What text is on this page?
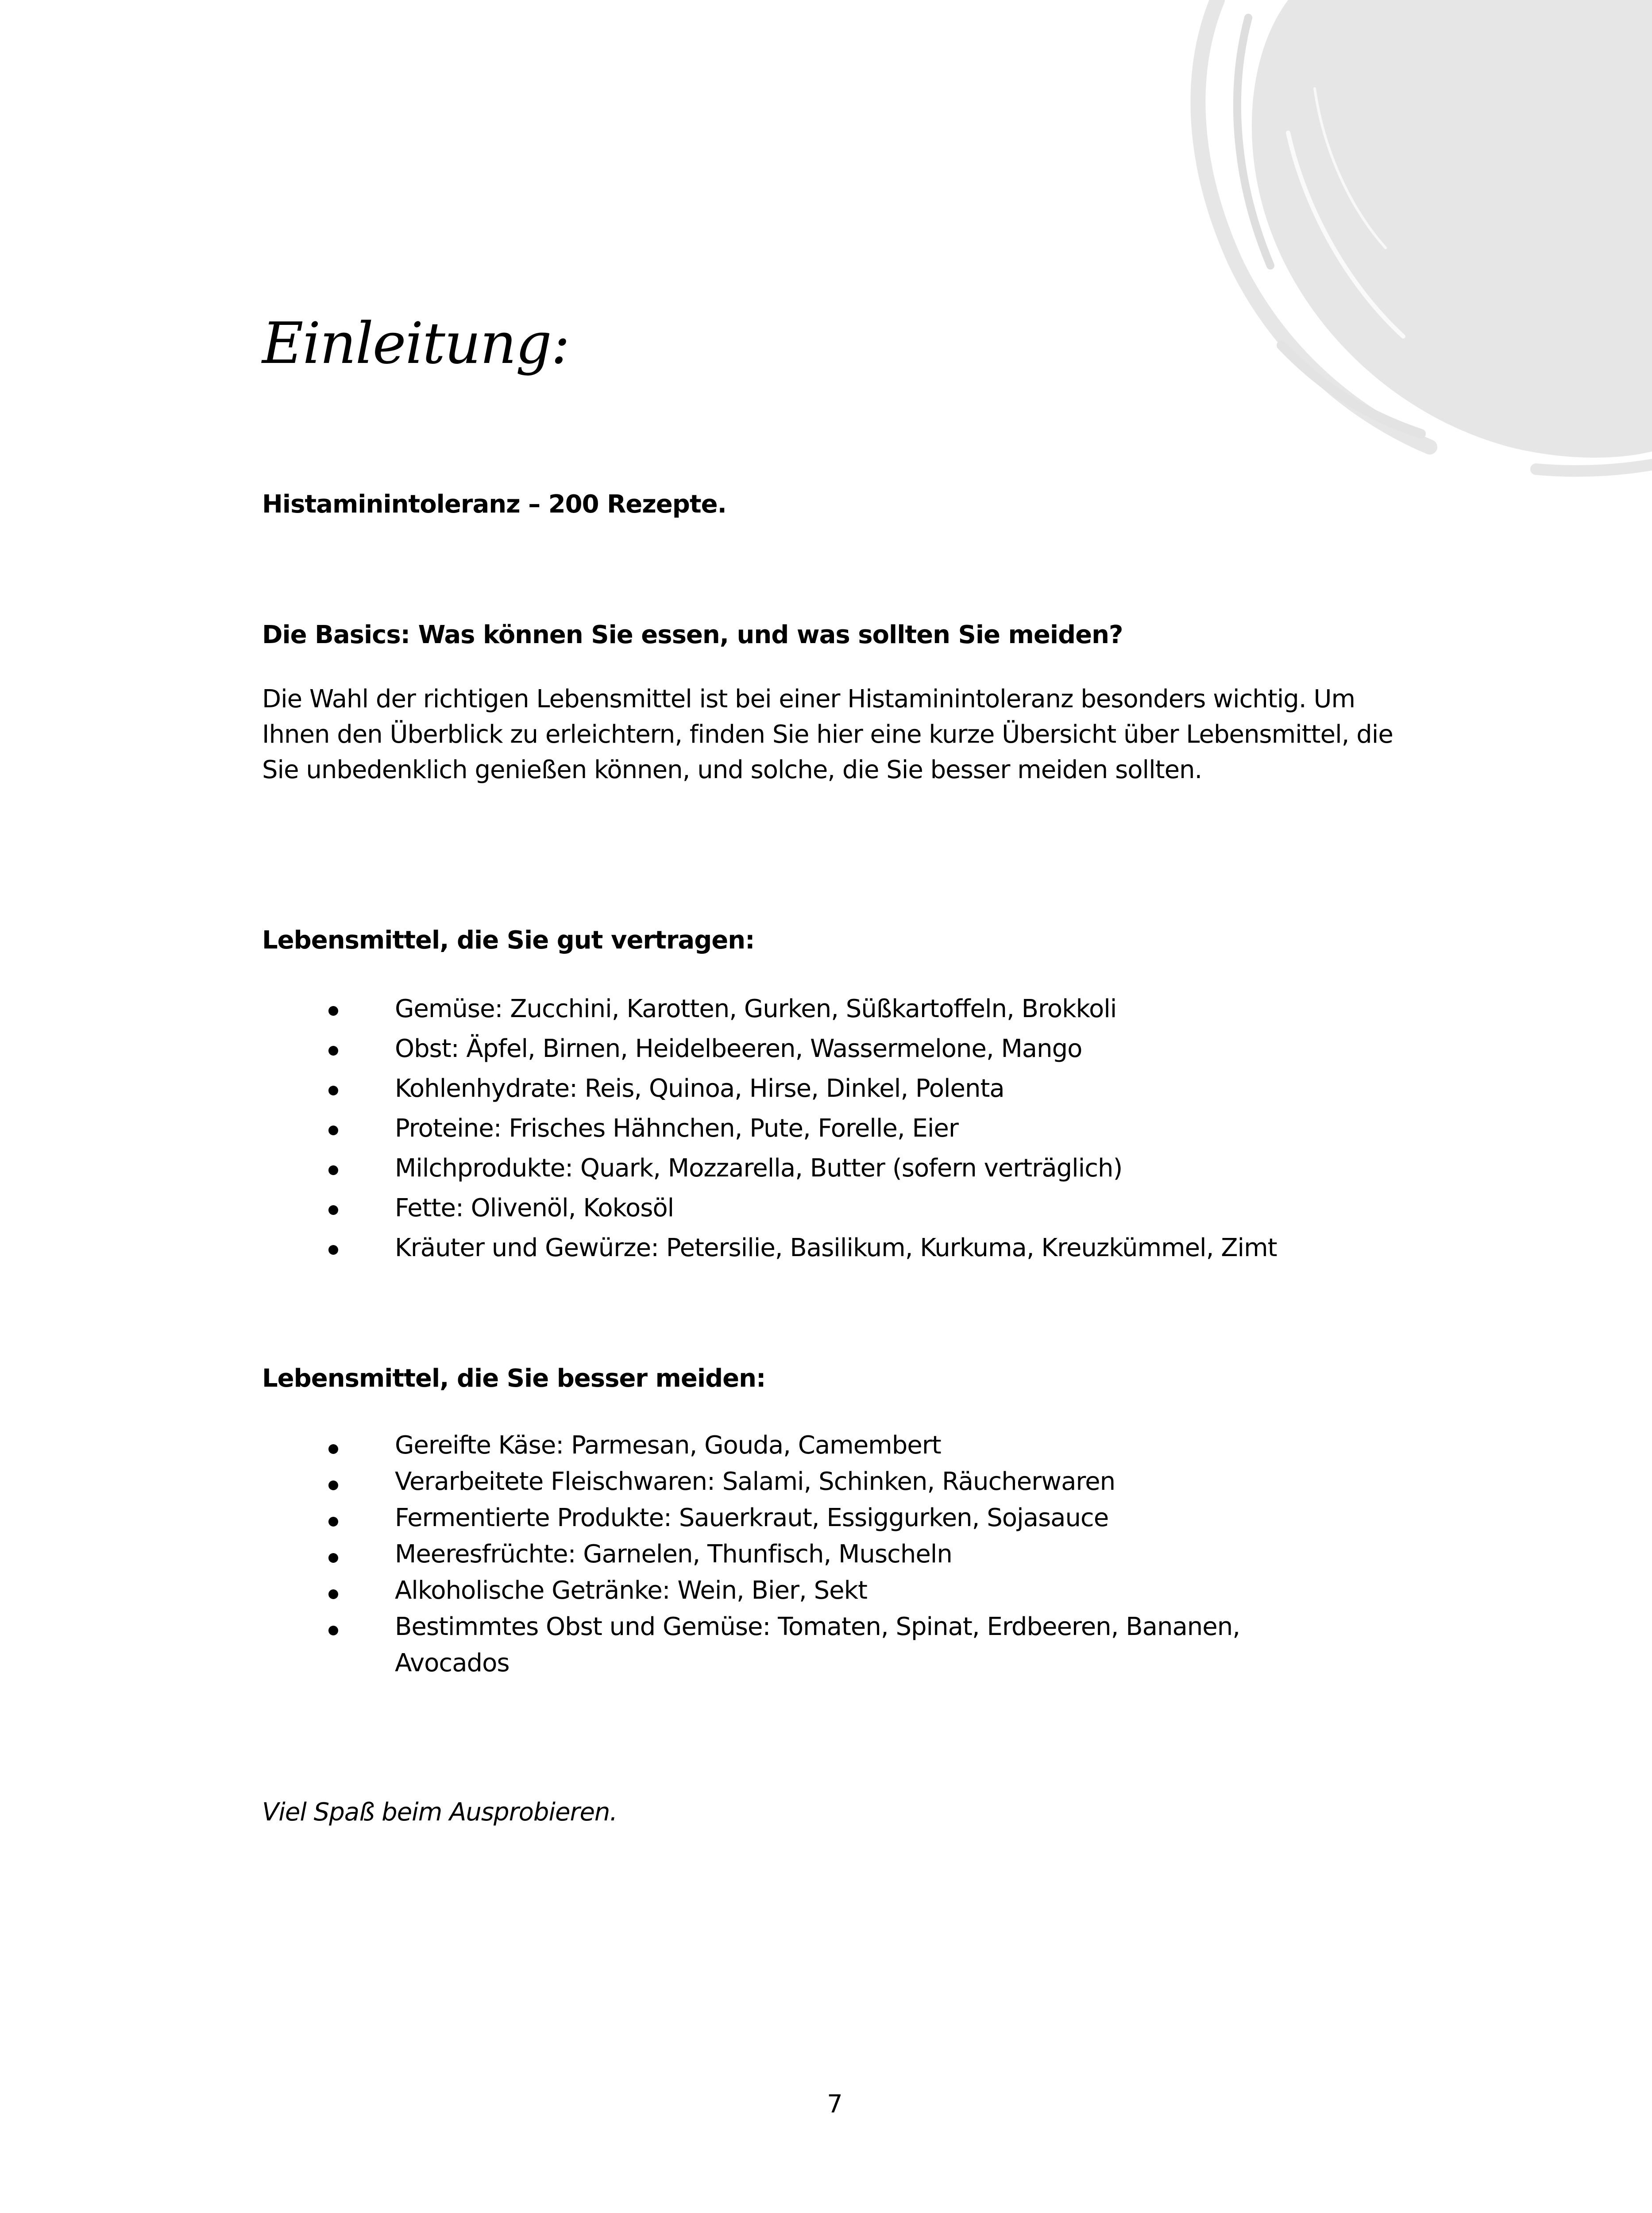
Einleitung:
Histaminintoleranz – 200 Rezepte.
Die Basics: Was können Sie essen, und was sollten Sie meiden?

Die Wahl der richtigen Lebensmittel ist bei einer Histaminintoleranz besonders wichtig. Um Ihnen den Überblick zu erleichtern, finden Sie hier eine kurze Übersicht über Lebensmittel, die Sie unbedenklich genießen können, und solche, die Sie besser meiden sollten.

Lebensmittel, die Sie gut vertragen:
Gemüse: Zucchini, Karotten, Gurken, Süßkartoffeln, Brokkoli
Obst: Äpfel, Birnen, Heidelbeeren, Wassermelone, Mango
Kohlenhydrate: Reis, Quinoa, Hirse, Dinkel, Polenta
Proteine: Frisches Hähnchen, Pute, Forelle, Eier
Milchprodukte: Quark, Mozzarella, Butter (sofern verträglich)
Fette: Olivenöl, Kokosöl
Kräuter und Gewürze: Petersilie, Basilikum, Kurkuma, Kreuzkümmel, Zimt
Lebensmittel, die Sie besser meiden:
Gereifte Käse: Parmesan, Gouda, Camembert
Verarbeitete Fleischwaren: Salami, Schinken, Räucherwaren
Fermentierte Produkte: Sauerkraut, Essiggurken, Sojasauce
Meeresfrüchte: Garnelen, Thunfisch, Muscheln
Alkoholische Getränke: Wein, Bier, Sekt
Bestimmtes Obst und Gemüse: Tomaten, Spinat, Erdbeeren, Bananen, Avocados
Viel Spaß beim Ausprobieren.
7
